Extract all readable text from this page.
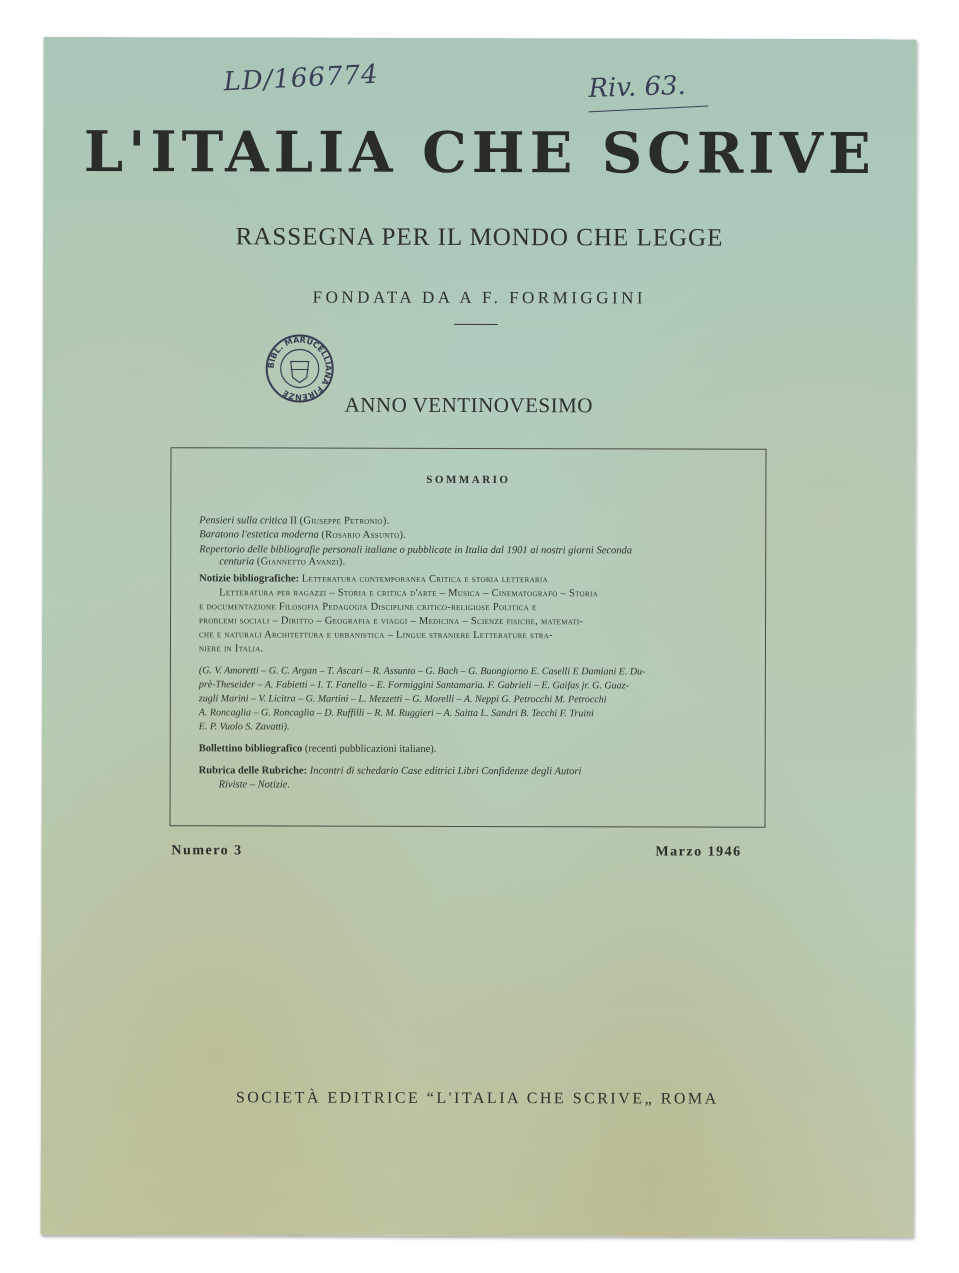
LD/166774	Riv. 63.
L'ITALIA CHE SCRIVE
RASSEGNA PER IL MONDO CHE LEGGE
FONDATA DA A F. FORMIGGINI
BIBL. MARUCELLIANA FIRENZE	ANNO VENTINOVESIMO
SOMMARIO
Pensieri sulla critica II (Giuseppe Petronio).
Baratono l'estetica moderna (Rosario Assunto).
Repertorio delle bibliografie personali italiane o pubblicate in Italia dal 1901 ai nostri giorni Seconda
centuria (Giannetto Avanzi).
Notizie bibliografiche: Letteratura contemporanea Critica e storia letteraria
Letteratura per ragazzi – Storia e critica d'arte – Musica – Cinematografo – Storia
e documentazione Filosofia Pedagogia Discipline critico-religiose Politica e
problemi sociali – Diritto – Geografia e viaggi – Medicina – Scienze fisiche, matemati-
che e naturali Architettura e urbanistica – Lingue straniere Letterature stra-
niere in Italia.
(G. V. Amoretti – G. C. Argan – T. Ascari – R. Assunto – G. Bach – G. Buongiorno E. Caselli E Damiani E. Du-
prè-Theseider – A. Fabietti – I. T. Fanello – E. Formiggini Santamaria. F. Gabrieli – E. Gaifas jr. G. Guaz-
zugli Marini – V. Licitra – G. Martini – L. Mezzetti – G. Morelli – A. Neppi G. Petrocchi M. Petrocchi
A. Roncaglia – G. Roncaglia – D. Ruffilli – R. M. Ruggieri – A. Saitta L. Sandri B. Tecchi F. Truini
E. P. Vuolo S. Zavatti).
Bollettino bibliografico (recenti pubblicazioni italiane).
Rubrica delle Rubriche: Incontri di schedario Case editrici Libri Confidenze degli Autori
Riviste – Notizie.
Numero 3	Marzo 1946
SOCIETÀ EDITRICE “L'ITALIA CHE SCRIVE„ ROMA
